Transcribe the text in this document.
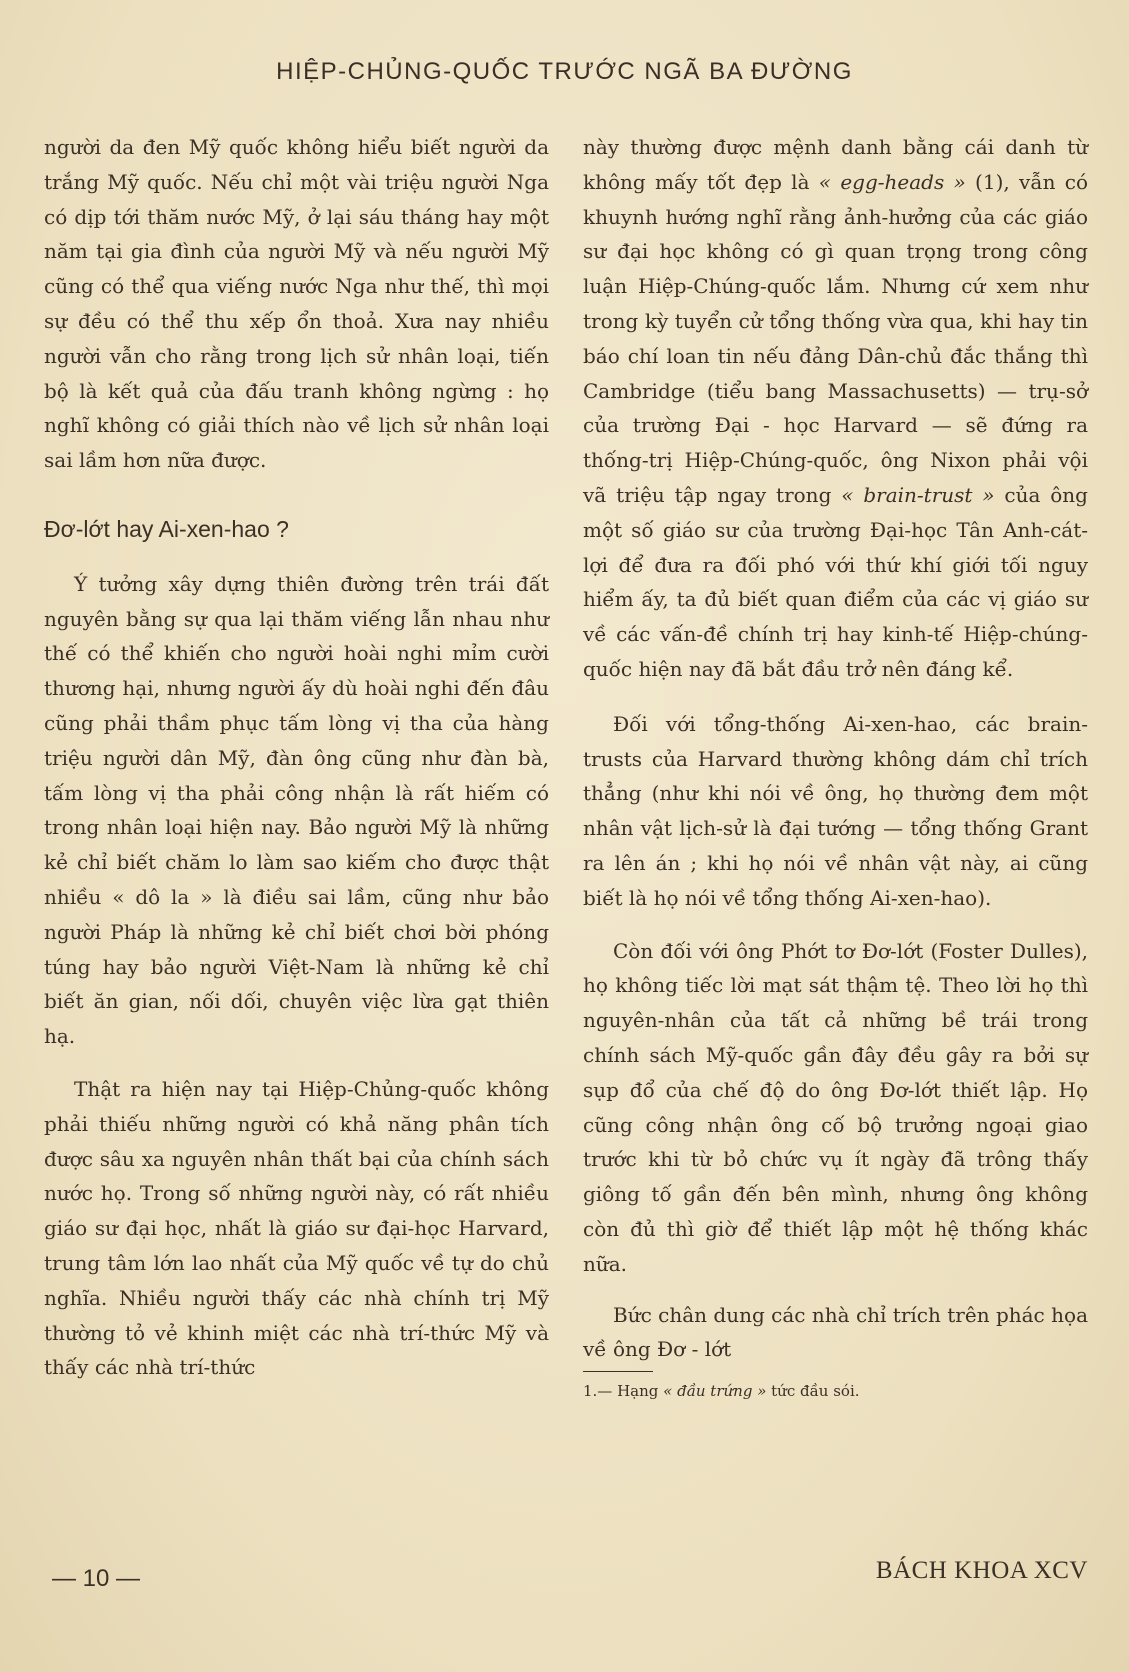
HIỆP-CHỦNG-QUỐC TRƯỚC NGÃ BA ĐƯỜNG

người da đen Mỹ quốc không hiểu biết người da trắng Mỹ quốc. Nếu chỉ một vài triệu người Nga có dịp tới thăm nước Mỹ, ở lại sáu tháng hay một năm tại gia đình của người Mỹ và nếu người Mỹ cũng có thể qua viếng nước Nga như thế, thì mọi sự đều có thể thu xếp ổn thoả. Xưa nay nhiều người vẫn cho rằng trong lịch sử nhân loại, tiến bộ là kết quả của đấu tranh không ngừng : họ nghĩ không có giải thích nào về lịch sử nhân loại sai lầm hơn nữa được.

Đơ-lớt hay Ai-xen-hao ?

Ý tưởng xây dựng thiên đường trên trái đất nguyên bằng sự qua lại thăm viếng lẫn nhau như thế có thể khiến cho người hoài nghi mỉm cười thương hại, nhưng người ấy dù hoài nghi đến đâu cũng phải thầm phục tấm lòng vị tha của hàng triệu người dân Mỹ, đàn ông cũng như đàn bà, tấm lòng vị tha phải công nhận là rất hiếm có trong nhân loại hiện nay. Bảo người Mỹ là những kẻ chỉ biết chăm lo làm sao kiếm cho được thật nhiều « dô la » là điều sai lầm, cũng như bảo người Pháp là những kẻ chỉ biết chơi bời phóng túng hay bảo người Việt-Nam là những kẻ chỉ biết ăn gian, nối dối, chuyên việc lừa gạt thiên hạ.

Thật ra hiện nay tại Hiệp-Chủng-quốc không phải thiếu những người có khả năng phân tích được sâu xa nguyên nhân thất bại của chính sách nước họ. Trong số những người này, có rất nhiều giáo sư đại học, nhất là giáo sư đại-học Harvard, trung tâm lớn lao nhất của Mỹ quốc về tự do chủ nghĩa. Nhiều người thấy các nhà chính trị Mỹ thường tỏ vẻ khinh miệt các nhà trí-thức Mỹ và thấy các nhà trí-thức

này thường được mệnh danh bằng cái danh từ không mấy tốt đẹp là « egg-heads » (1), vẫn có khuynh hướng nghĩ rằng ảnh-hưởng của các giáo sư đại học không có gì quan trọng trong công luận Hiệp-Chúng-quốc lắm. Nhưng cứ xem như trong kỳ tuyển cử tổng thống vừa qua, khi hay tin báo chí loan tin nếu đảng Dân-chủ đắc thắng thì Cambridge (tiểu bang Massachusetts) — trụ-sở của trường Đại - học Harvard — sẽ đứng ra thống-trị Hiệp-Chúng-quốc, ông Nixon phải vội vã triệu tập ngay trong « brain-trust » của ông một số giáo sư của trường Đại-học Tân Anh-cát-lợi để đưa ra đối phó với thứ khí giới tối nguy hiểm ấy, ta đủ biết quan điểm của các vị giáo sư về các vấn-đề chính trị hay kinh-tế Hiệp-chúng-quốc hiện nay đã bắt đầu trở nên đáng kể.

Đối với tổng-thống Ai-xen-hao, các brain-trusts của Harvard thường không dám chỉ trích thẳng (như khi nói về ông, họ thường đem một nhân vật lịch-sử là đại tướng — tổng thống Grant ra lên án ; khi họ nói về nhân vật này, ai cũng biết là họ nói về tổng thống Ai-xen-hao).

Còn đối với ông Phớt tơ Đơ-lớt (Foster Dulles), họ không tiếc lời mạt sát thậm tệ. Theo lời họ thì nguyên-nhân của tất cả những bề trái trong chính sách Mỹ-quốc gần đây đều gây ra bởi sự sụp đổ của chế độ do ông Đơ-lớt thiết lập. Họ cũng công nhận ông cố bộ trưởng ngoại giao trước khi từ bỏ chức vụ ít ngày đã trông thấy giông tố gần đến bên mình, nhưng ông không còn đủ thì giờ để thiết lập một hệ thống khác nữa.

Bức chân dung các nhà chỉ trích trên phác họa về ông Đơ - lớt

1.— Hạng « đầu trứng » tức đầu sói.

— 10 —	BÁCH KHOA XCV
